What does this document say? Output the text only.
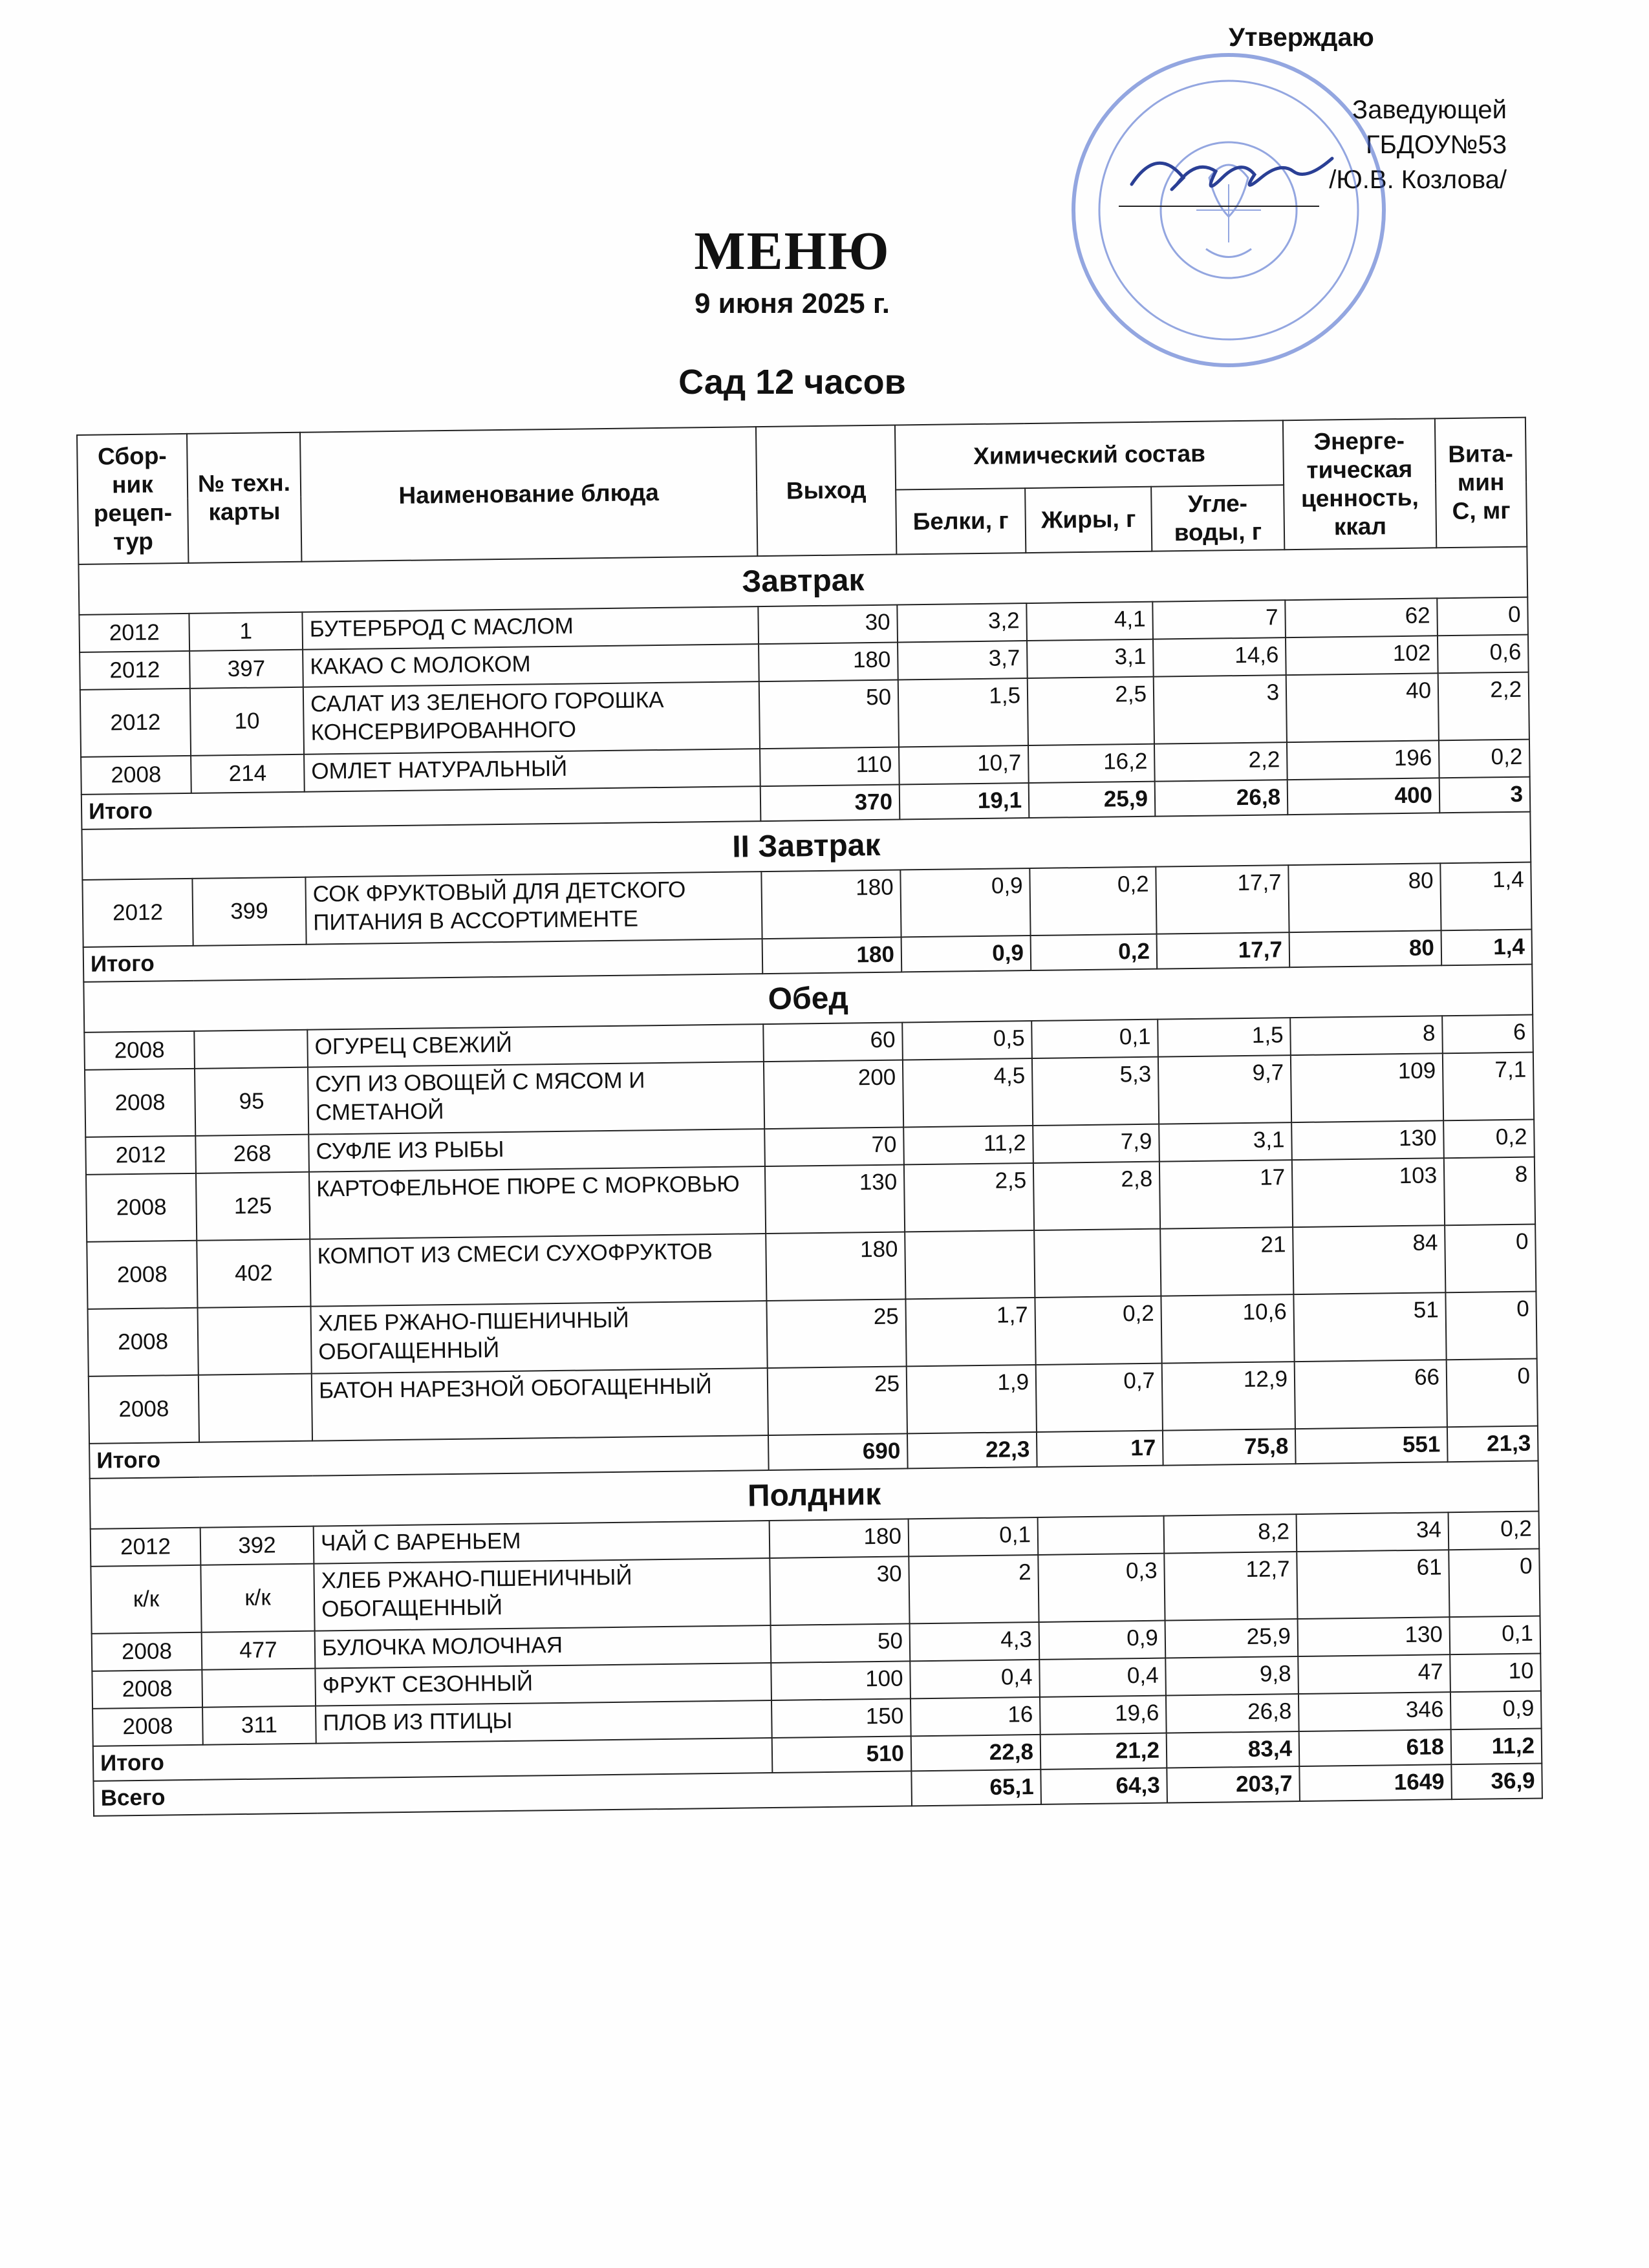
Утверждаю
Заведующей
ГБДОУ№53
/Ю.В. Козлова/
МЕНЮ
9 июня 2025 г.
Сад 12 часов
Сбор-ник рецеп-тур	№ техн. карты	Наименование блюда	Выход	Химический состав			Энерге-тическая ценность, ккал	Вита-мин С, мг
				Белки, г	Жиры, г	Угле-воды, г		
Завтрак								
2012	1	БУТЕРБРОД С МАСЛОМ	30	3,2	4,1	7	62	0
2012	397	КАКАО С МОЛОКОМ	180	3,7	3,1	14,6	102	0,6
2012	10	САЛАТ ИЗ ЗЕЛЕНОГО ГОРОШКА КОНСЕРВИРОВАННОГО	50	1,5	2,5	3	40	2,2
2008	214	ОМЛЕТ НАТУРАЛЬНЫЙ	110	10,7	16,2	2,2	196	0,2
Итого			370	19,1	25,9	26,8	400	3
II Завтрак								
2012	399	СОК ФРУКТОВЫЙ ДЛЯ ДЕТСКОГО ПИТАНИЯ В АССОРТИМЕНТЕ	180	0,9	0,2	17,7	80	1,4
Итого			180	0,9	0,2	17,7	80	1,4
Обед								
2008		ОГУРЕЦ СВЕЖИЙ	60	0,5	0,1	1,5	8	6
2008	95	СУП ИЗ ОВОЩЕЙ С МЯСОМ И СМЕТАНОЙ	200	4,5	5,3	9,7	109	7,1
2012	268	СУФЛЕ ИЗ РЫБЫ	70	11,2	7,9	3,1	130	0,2
2008	125	КАРТОФЕЛЬНОЕ ПЮРЕ С МОРКОВЬЮ	130	2,5	2,8	17	103	8
2008	402	КОМПОТ ИЗ СМЕСИ СУХОФРУКТОВ	180			21	84	0
2008		ХЛЕБ РЖАНО-ПШЕНИЧНЫЙ ОБОГАЩЕННЫЙ	25	1,7	0,2	10,6	51	0
2008		БАТОН НАРЕЗНОЙ ОБОГАЩЕННЫЙ	25	1,9	0,7	12,9	66	0
Итого			690	22,3	17	75,8	551	21,3
Полдник								
2012	392	ЧАЙ С ВАРЕНЬЕМ	180	0,1		8,2	34	0,2
к/к	к/к	ХЛЕБ РЖАНО-ПШЕНИЧНЫЙ ОБОГАЩЕННЫЙ	30	2	0,3	12,7	61	0
2008	477	БУЛОЧКА МОЛОЧНАЯ	50	4,3	0,9	25,9	130	0,1
2008		ФРУКТ СЕЗОННЫЙ	100	0,4	0,4	9,8	47	10
2008	311	ПЛОВ ИЗ ПТИЦЫ	150	16	19,6	26,8	346	0,9
Итого			510	22,8	21,2	83,4	618	11,2
Всего				65,1	64,3	203,7	1649	36,9
